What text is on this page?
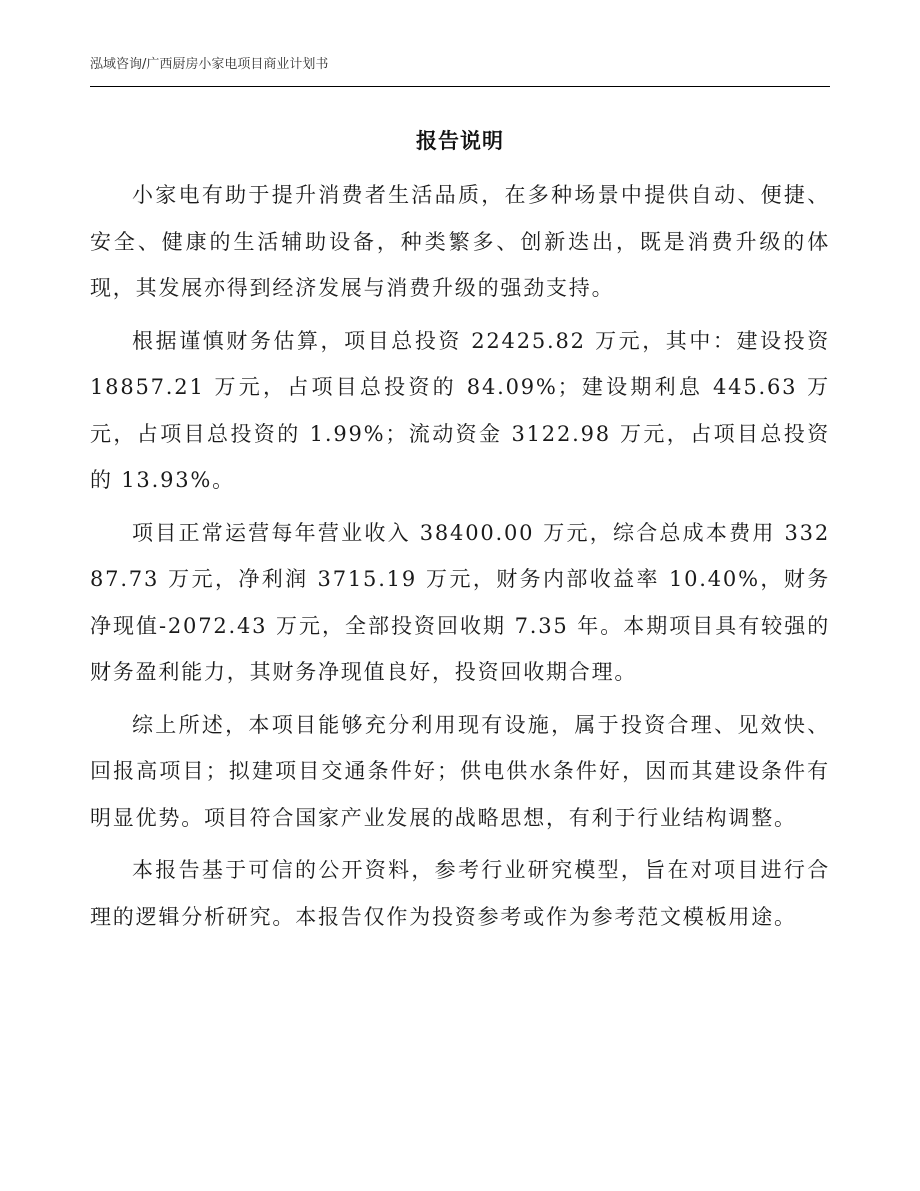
泓域咨询/广西厨房小家电项目商业计划书
报告说明

小家电有助于提升消费者生活品质，在多种场景中提供自动、便捷、安全、健康的生活辅助设备，种类繁多、创新迭出，既是消费升级的体现，其发展亦得到经济发展与消费升级的强劲支持。

根据谨慎财务估算，项目总投资 22425.82 万元，其中：建设投资 18857.21 万元，占项目总投资的 84.09%；建设期利息 445.63 万元，占项目总投资的 1.99%；流动资金 3122.98 万元，占项目总投资的 13.93%。

项目正常运营每年营业收入 38400.00 万元，综合总成本费用 33287.73 万元，净利润 3715.19 万元，财务内部收益率 10.40%，财务净现值-2072.43 万元，全部投资回收期 7.35 年。本期项目具有较强的财务盈利能力，其财务净现值良好，投资回收期合理。

综上所述，本项目能够充分利用现有设施，属于投资合理、见效快、回报高项目；拟建项目交通条件好；供电供水条件好，因而其建设条件有明显优势。项目符合国家产业发展的战略思想，有利于行业结构调整。

本报告基于可信的公开资料，参考行业研究模型，旨在对项目进行合理的逻辑分析研究。本报告仅作为投资参考或作为参考范文模板用途。
